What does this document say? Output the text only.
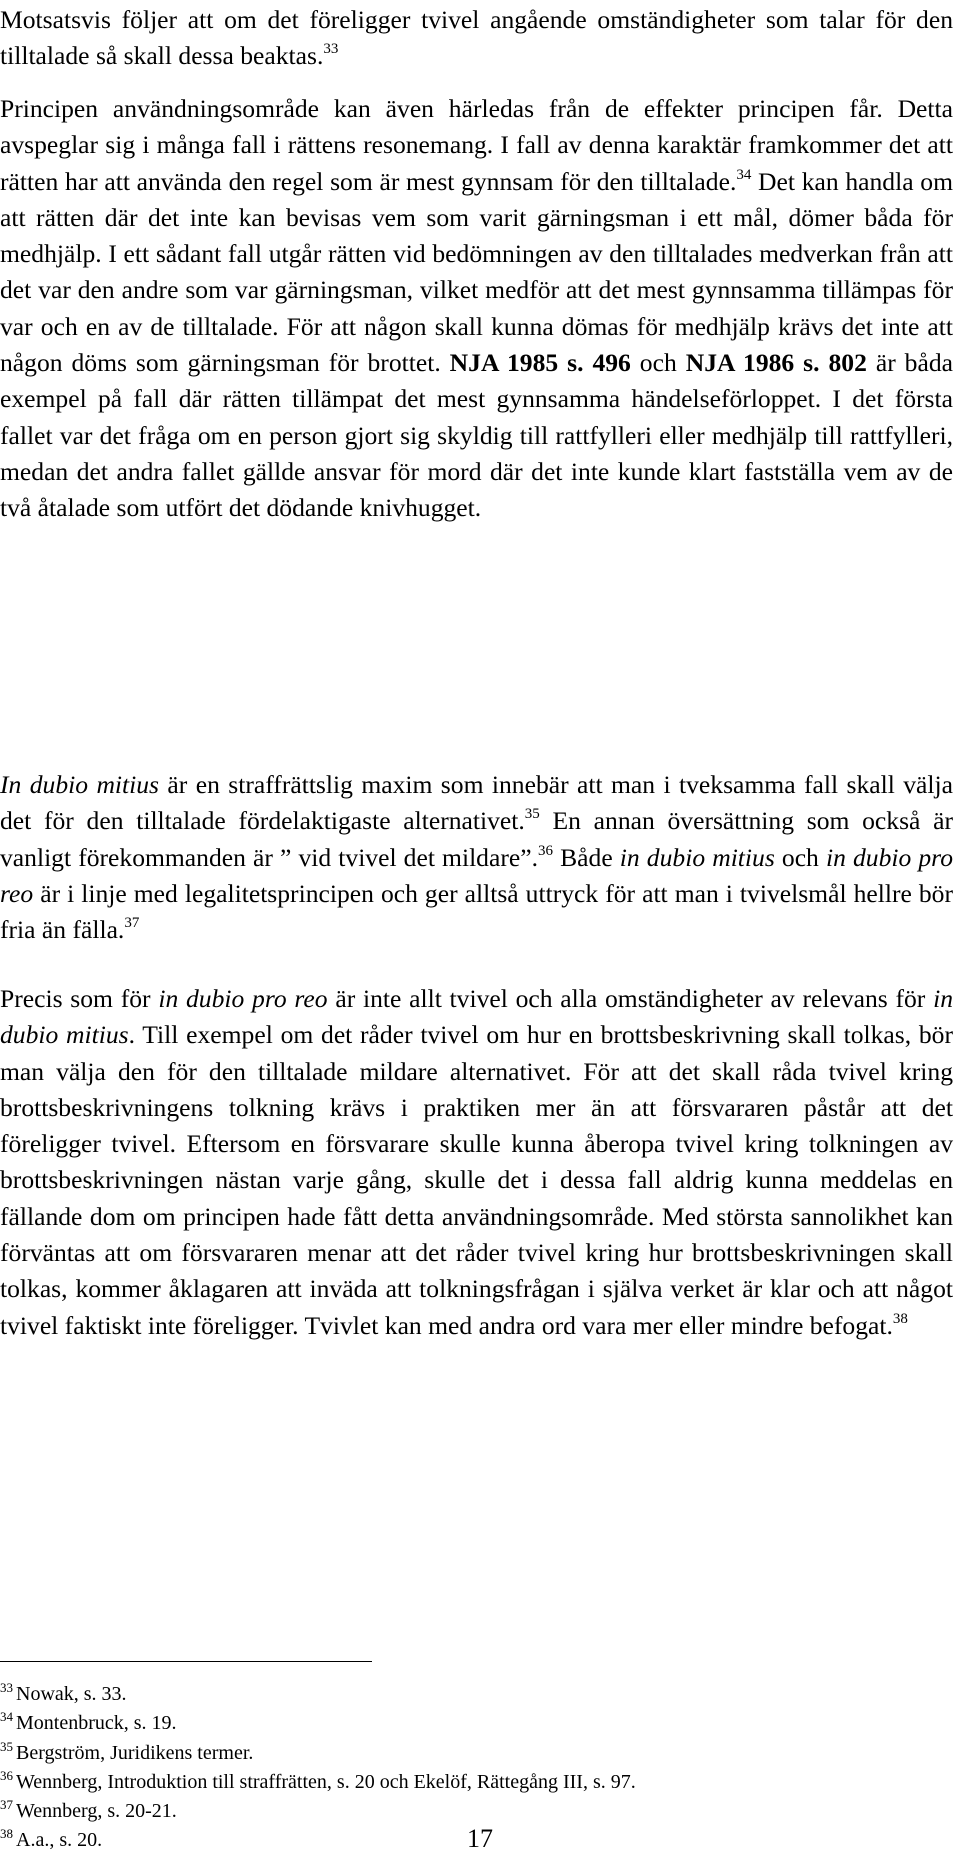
Motsatsvis följer att om det föreligger tvivel angående omständigheter som talar för den tilltalade så skall dessa beaktas.$^{33}$

Principen användningsområde kan även härledas från de effekter principen får. Detta avspeglar sig i många fall i rättens resonemang. I fall av denna karaktär framkommer det att rätten har att använda den regel som är mest gynnsam för den tilltalade.$^{34}$ Det kan handla om att rätten där det inte kan bevisas vem som varit gärningsman i ett mål, dömer båda för medhjälp. I ett sådant fall utgår rätten vid bedömningen av den tilltalades medverkan från att det var den andre som var gärningsman, vilket medför att det mest gynnsamma tillämpas för var och en av de tilltalade. För att någon skall kunna dömas för medhjälp krävs det inte att någon döms som gärningsman för brottet. NJA 1985 s. 496 och NJA 1986 s. 802 är båda exempel på fall där rätten tillämpat det mest gynnsamma händelseförloppet. I det första fallet var det fråga om en person gjort sig skyldig till rattfylleri eller medhjälp till rattfylleri, medan det andra fallet gällde ansvar för mord där det inte kunde klart fastställa vem av de två åtalade som utfört det dödande knivhugget.

In dubio mitius är en straffrättslig maxim som innebär att man i tveksamma fall skall välja det för den tilltalade fördelaktigaste alternativet.$^{35}$ En annan översättning som också är vanligt förekommanden är ” vid tvivel det mildare”.$^{36}$ Både in dubio mitius och in dubio pro reo är i linje med legalitetsprincipen och ger alltså uttryck för att man i tvivelsmål hellre bör fria än fälla.$^{37}$

Precis som för in dubio pro reo är inte allt tvivel och alla omständigheter av relevans för in dubio mitius. Till exempel om det råder tvivel om hur en brottsbeskrivning skall tolkas, bör man välja den för den tilltalade mildare alternativet. För att det skall råda tvivel kring brottsbeskrivningens tolkning krävs i praktiken mer än att försvararen påstår att det föreligger tvivel. Eftersom en försvarare skulle kunna åberopa tvivel kring tolkningen av brottsbeskrivningen nästan varje gång, skulle det i dessa fall aldrig kunna meddelas en fällande dom om principen hade fått detta användningsområde. Med största sannolikhet kan förväntas att om försvararen menar att det råder tvivel kring hur brottsbeskrivningen skall tolkas, kommer åklagaren att inväda att tolkningsfrågan i själva verket är klar och att något tvivel faktiskt inte föreligger. Tvivlet kan med andra ord vara mer eller mindre befogat.$^{38}$

$^{33}$ Nowak, s. 33.
$^{34}$ Montenbruck, s. 19.
$^{35}$ Bergström, Juridikens termer.
$^{36}$ Wennberg, Introduktion till straffrätten, s. 20 och Ekelöf, Rättegång III, s. 97.
$^{37}$ Wennberg, s. 20-21.
$^{38}$ A.a., s. 20.	17
